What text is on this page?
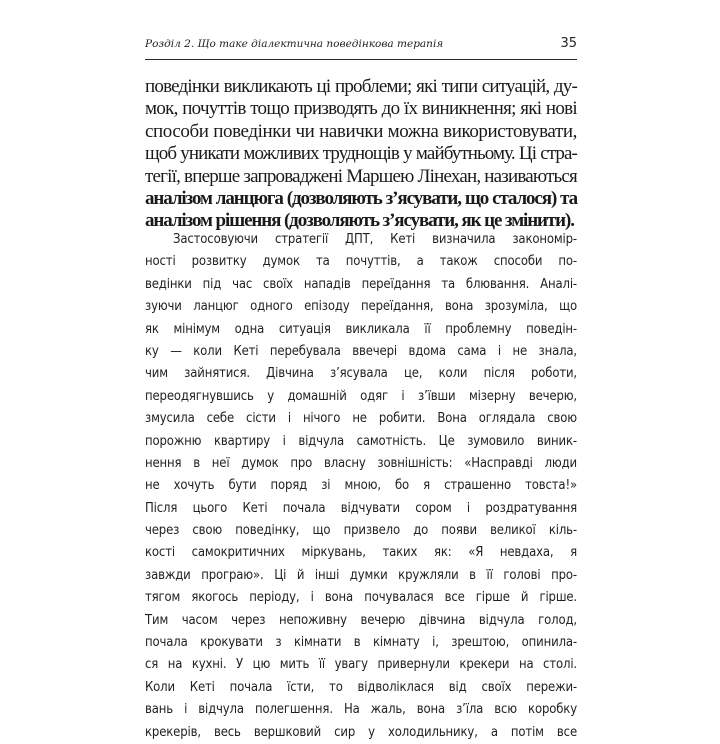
Розділ 2. Що таке діалектична поведінкова терапія	35
поведінки викликають ці проблеми; які типи ситуацій, ду-
мок, почуттів тощо призводять до їх виникнення; які нові
способи поведінки чи навички можна використовувати,
щоб уникати можливих труднощів у майбутньому. Ці стра-
тегії, вперше запроваджені Маршею Лінехан, називаються
аналізом ланцюга (дозволяють з’ясувати, що сталося) та
аналізом рішення (дозволяють з’ясувати, як це змінити).
Застосовуючи стратегії ДПТ, Кеті визначила закономір-
ності розвитку думок та почуттів, а також способи по-
ведінки під час своїх нападів переїдання та блювання. Аналі-
зуючи ланцюг одного епізоду переїдання, вона зрозуміла, що
як мінімум одна ситуація викликала її проблемну поведін-
ку — коли Кеті перебувала ввечері вдома сама і не знала,
чим зайнятися. Дівчина з’ясувала це, коли після роботи,
переодягнувшись у домашній одяг і з’ївши мізерну вечерю,
змусила себе сісти і нічого не робити. Вона оглядала свою
порожню квартиру і відчула самотність. Це зумовило виник-
нення в неї думок про власну зовнішність: «Насправді люди
не хочуть бути поряд зі мною, бо я страшенно товста!»
Після цього Кеті почала відчувати сором і роздратування
через свою поведінку, що призвело до появи великої кіль-
кості самокритичних міркувань, таких як: «Я невдаха, я
завжди програю». Ці й інші думки кружляли в її голові про-
тягом якогось періоду, і вона почувалася все гірше й гірше.
Тим часом через непоживну вечерю дівчина відчула голод,
почала крокувати з кімнати в кімнату і, зрештою, опинила-
ся на кухні. У цю мить її увагу привернули крекери на столі.
Коли Кеті почала їсти, то відволіклася від своїх пережи-
вань і відчула полегшення. На жаль, вона з’їла всю коробку
крекерів, весь вершковий сир у холодильнику, а потім все
